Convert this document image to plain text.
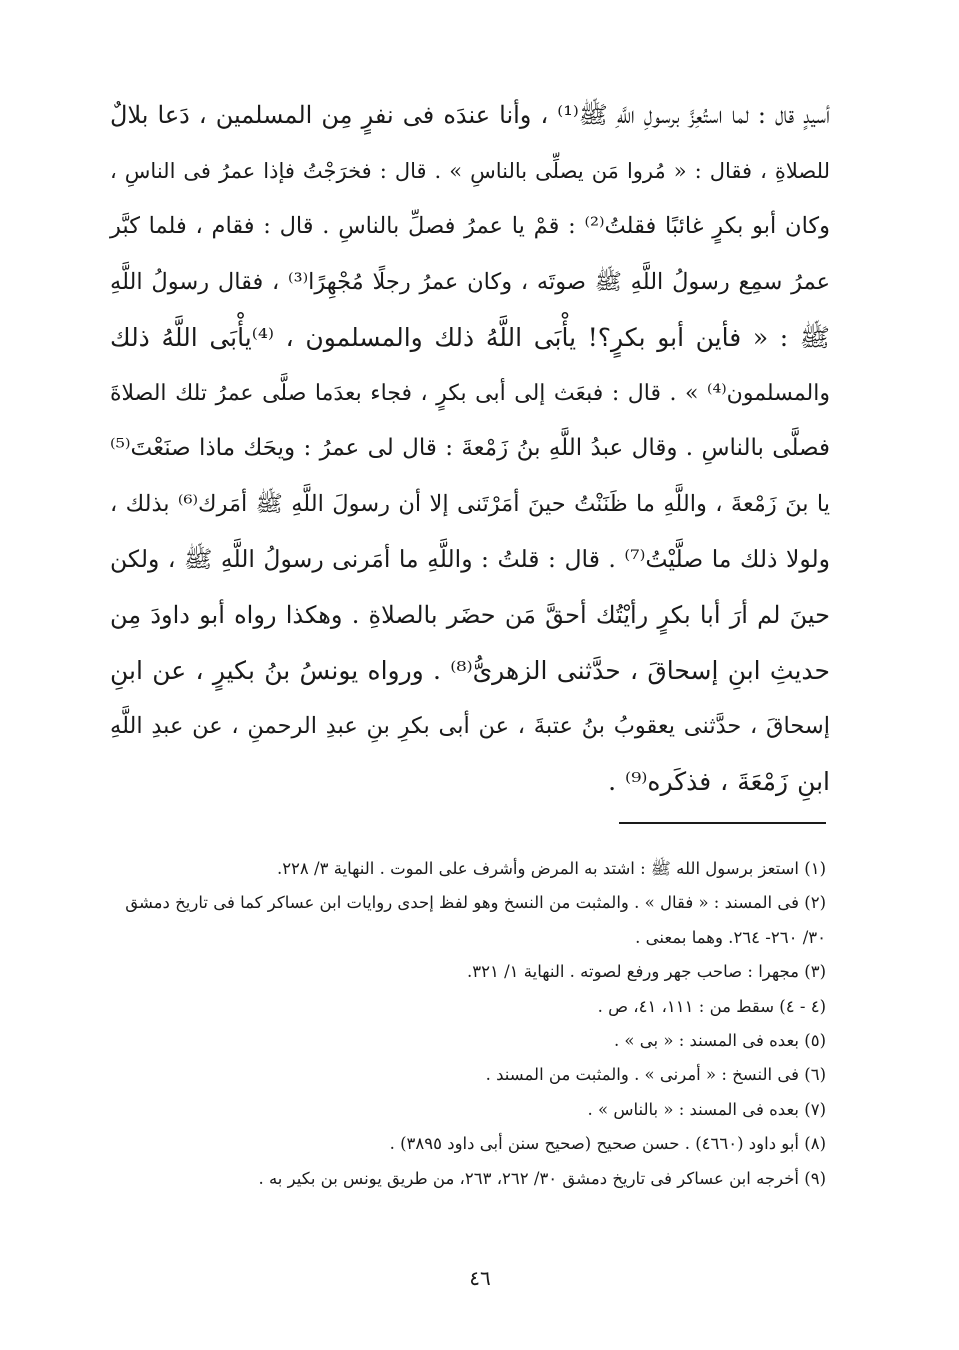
أسيدٍ قال : لما استُعِزَّ برسولِ اللَّهِ ﷺ⁽¹⁾ ، وأنا عندَه فى نفرٍ مِن المسلمين ، دَعا بلالٌ
للصلاةِ ، فقال : « مُروا مَن يصلِّى بالناسِ » . قال : فخرَجْتُ فإذا عمرُ فى الناسِ ،
وكان أبو بكرٍ غائبًا فقلتُ⁽²⁾ : قمْ يا عمرُ فصلِّ بالناسِ . قال : فقام ، فلما كبَّر
عمرُ سمِع رسولُ اللَّهِ ﷺ صوتَه ، وكان عمرُ رجلًا مُجْهِرًا⁽³⁾ ، فقال رسولُ اللَّهِ
ﷺ : « فأين أبو بكرٍ؟! يأْبَى اللَّهُ ذلك والمسلمون ، ⁽⁴⁾يأْبَى اللَّهُ ذلك
والمسلمون⁽⁴⁾ » . قال : فبعَث إلى أبى بكرٍ ، فجاء بعدَما صلَّى عمرُ تلك الصلاةَ
فصلَّى بالناسِ . وقال عبدُ اللَّهِ بنُ زَمْعةَ : قال لى عمرُ : ويحَك ماذا صنَعْتَ⁽⁵⁾
يا بنَ زَمْعةَ ، واللَّهِ ما ظَنَنْتُ حينَ أمَرْتَنى إلا أن رسولَ اللَّهِ ﷺ أمَرك⁽⁶⁾ بذلك ،
ولولا ذلك ما صلَّيْتُ⁽⁷⁾ . قال : قلتُ : واللَّهِ ما أمَرنى رسولُ اللَّهِ ﷺ ، ولكن
حينَ لم أرَ أبا بكرٍ رأيْتُك أحقَّ مَن حضَر بالصلاةِ . وهكذا رواه أبو داودَ مِن
حديثِ ابنِ إسحاقَ ، حدَّثنى الزهرىُّ⁽⁸⁾ . ورواه يونسُ بنُ بكيرٍ ، عن ابنِ
إسحاقَ ، حدَّثنى يعقوبُ بنُ عتبةَ ، عن أبى بكرِ بنِ عبدِ الرحمنِ ، عن عبدِ اللَّهِ
ابنِ زَمْعَةَ ، فذكَره⁽⁹⁾ .
(١) استعز برسول الله ﷺ : اشتد به المرض وأشرف على الموت . النهاية ٣/ ٢٢٨.
(٢) فى المسند : « فقال » . والمثبت من النسخ وهو لفظ إحدى روايات ابن عساكر كما فى تاريخ دمشق
٣٠/ ٢٦٠- ٢٦٤. وهما بمعنى .
(٣) مجهرا : صاحب جهر ورفع لصوته . النهاية ١/ ٣٢١.
(٤ - ٤) سقط من : ١١١، ٤١، ص .
(٥) بعده فى المسند : « بى » .
(٦) فى النسخ : « أمرنى » . والمثبت من المسند .
(٧) بعده فى المسند : « بالناس » .
(٨) أبو داود (٤٦٦٠) . حسن صحيح (صحيح سنن أبى داود ٣٨٩٥) .
(٩) أخرجه ابن عساكر فى تاريخ دمشق ٣٠/ ٢٦٢، ٢٦٣، من طريق يونس بن بكير به .
٤٦
